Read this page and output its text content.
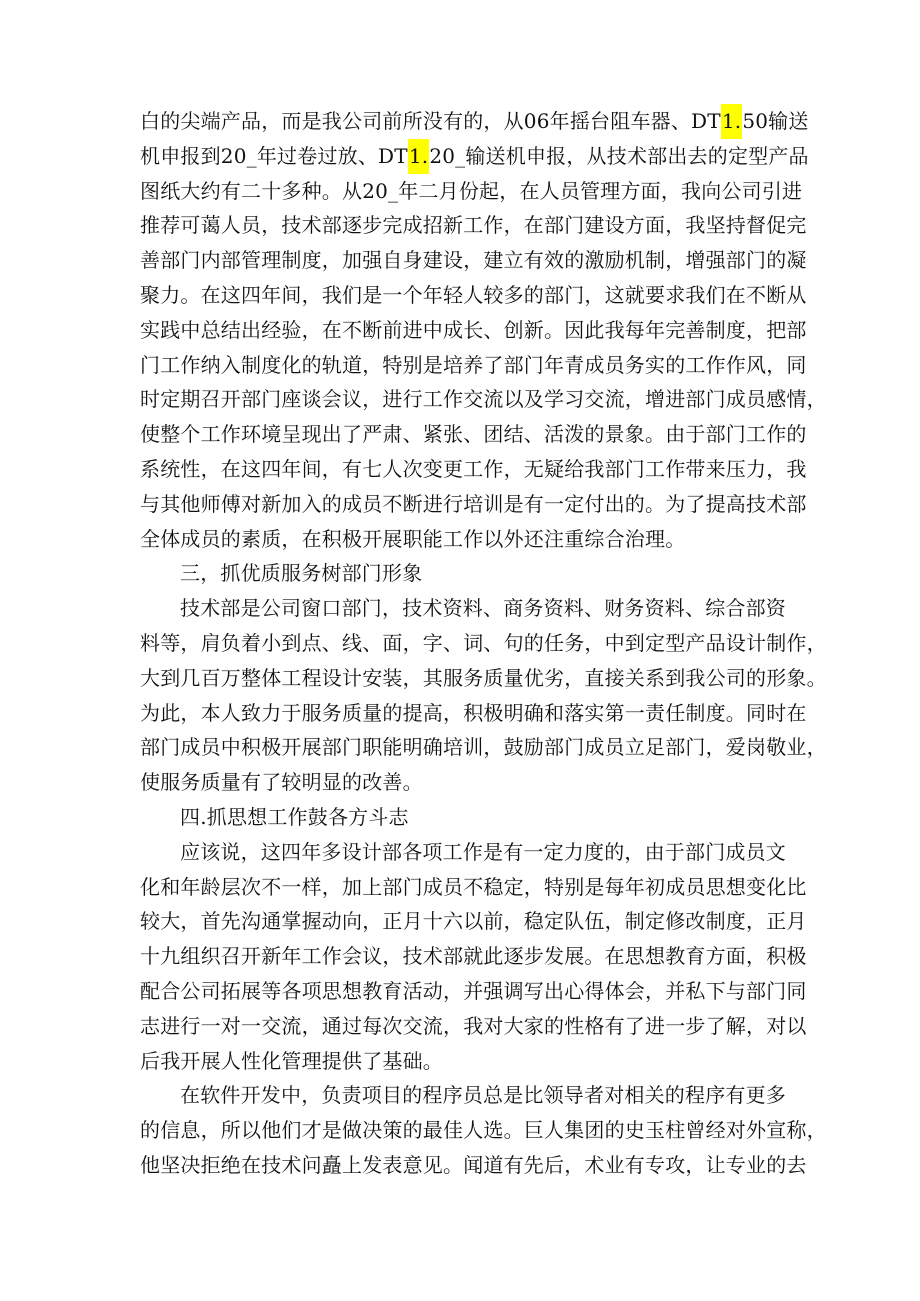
白的尖端产品，而是我公司前所没有的，从06年摇台阻车器、DT1.50输送
机申报到20_年过卷过放、DT1.20_输送机申报，从技术部出去的定型产品
图纸大约有二十多种。从20_年二月份起，在人员管理方面，我向公司引进
推荐可蔼人员，技术部逐步完成招新工作，在部门建设方面，我坚持督促完
善部门内部管理制度，加强自身建设，建立有效的激励机制，增强部门的凝
聚力。在这四年间，我们是一个年轻人较多的部门，这就要求我们在不断从
实践中总结出经验，在不断前进中成长、创新。因此我每年完善制度，把部
门工作纳入制度化的轨道，特别是培养了部门年青成员务实的工作作风，同
时定期召开部门座谈会议，进行工作交流以及学习交流，增进部门成员感情，
使整个工作环境呈现出了严肃、紧张、团结、活泼的景象。由于部门工作的
系统性，在这四年间，有七人次变更工作，无疑给我部门工作带来压力，我
与其他师傅对新加入的成员不断进行培训是有一定付出的。为了提高技术部
全体成员的素质，在积极开展职能工作以外还注重综合治理。
三，抓优质服务树部门形象
技术部是公司窗口部门，技术资料、商务资料、财务资料、综合部资
料等，肩负着小到点、线、面，字、词、句的任务，中到定型产品设计制作，
大到几百万整体工程设计安装，其服务质量优劣，直接关系到我公司的形象。
为此，本人致力于服务质量的提高，积极明确和落实第一责任制度。同时在
部门成员中积极开展部门职能明确培训，鼓励部门成员立足部门，爱岗敬业，
使服务质量有了较明显的改善。
四.抓思想工作鼓各方斗志
应该说，这四年多设计部各项工作是有一定力度的，由于部门成员文
化和年龄层次不一样，加上部门成员不稳定，特别是每年初成员思想变化比
较大，首先沟通掌握动向，正月十六以前，稳定队伍，制定修改制度，正月
十九组织召开新年工作会议，技术部就此逐步发展。在思想教育方面，积极
配合公司拓展等各项思想教育活动，并强调写出心得体会，并私下与部门同
志进行一对一交流，通过每次交流，我对大家的性格有了进一步了解，对以
后我开展人性化管理提供了基础。
在软件开发中，负责项目的程序员总是比领导者对相关的程序有更多
的信息，所以他们才是做决策的最佳人选。巨人集团的史玉柱曾经对外宣称，
他坚决拒绝在技术问矗上发表意见。闻道有先后，术业有专攻，让专业的去
